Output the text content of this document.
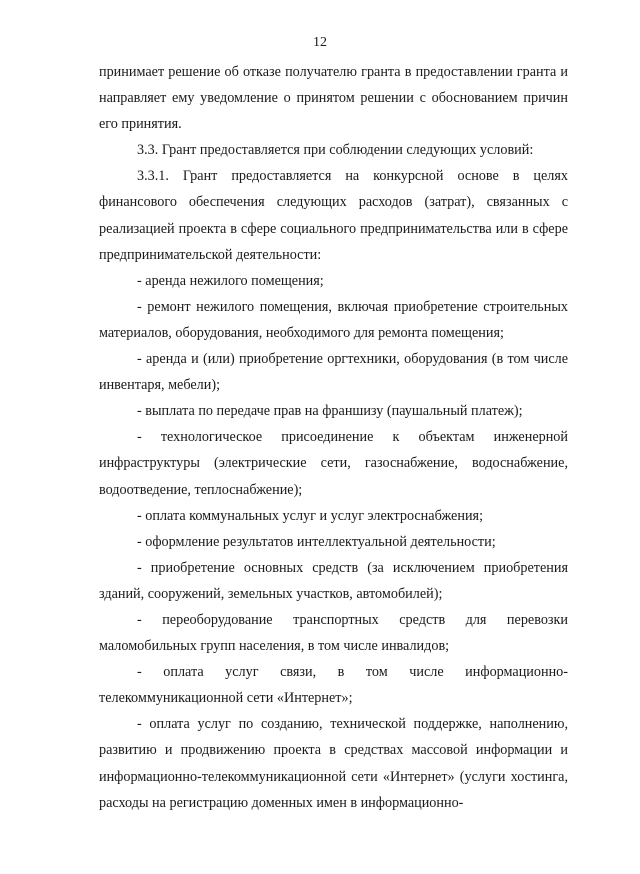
12

принимает решение об отказе получателю гранта в предоставлении гранта и направляет ему уведомление о принятом решении с обоснованием причин его принятия.

3.3. Грант предоставляется при соблюдении следующих условий:

3.3.1. Грант предоставляется на конкурсной основе в целях финансового обеспечения следующих расходов (затрат), связанных с реализацией проекта в сфере социального предпринимательства или в сфере предпринимательской деятельности:

- аренда нежилого помещения;

- ремонт нежилого помещения, включая приобретение строительных материалов, оборудования, необходимого для ремонта помещения;

- аренда и (или) приобретение оргтехники, оборудования (в том числе инвентаря, мебели);

- выплата по передаче прав на франшизу (паушальный платеж);

- технологическое присоединение к объектам инженерной инфраструктуры (электрические сети, газоснабжение, водоснабжение, водоотведение, теплоснабжение);

- оплата коммунальных услуг и услуг электроснабжения;

- оформление результатов интеллектуальной деятельности;

- приобретение основных средств (за исключением приобретения зданий, сооружений, земельных участков, автомобилей);

- переоборудование транспортных средств для перевозки маломобильных групп населения, в том числе инвалидов;

- оплата услуг связи, в том числе информационно-телекоммуникационной сети «Интернет»;

- оплата услуг по созданию, технической поддержке, наполнению, развитию и продвижению проекта в средствах массовой информации и информационно-телекоммуникационной сети «Интернет» (услуги хостинга, расходы на регистрацию доменных имен в информационно-
